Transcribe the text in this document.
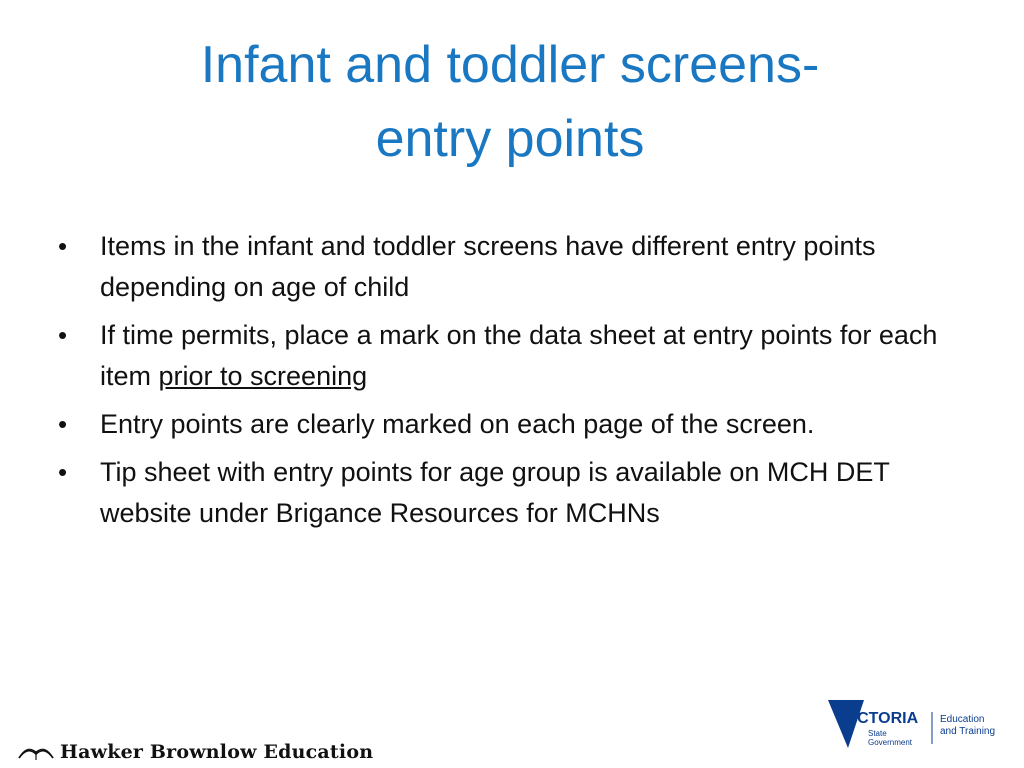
Infant and toddler screens-
entry points
• Items in the infant and toddler screens have different entry points depending on age of child
• If time permits, place a mark on the data sheet at entry points for each item prior to screening
• Entry points are clearly marked on each page of the screen.
• Tip sheet with entry points for age group is available on MCH DET website under Brigance Resources for MCHNs
Hawker Brownlow Education
VICTORIA
State
Government
Education
and Training
